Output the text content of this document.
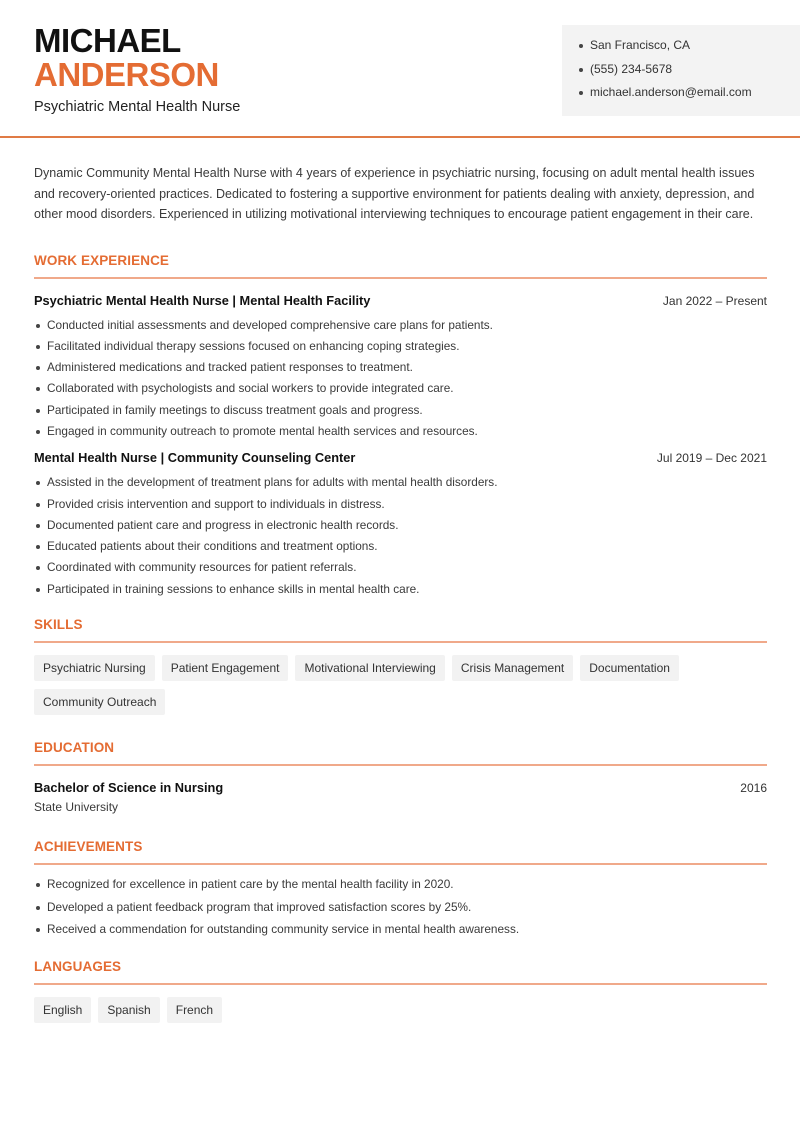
MICHAEL
ANDERSON
Psychiatric Mental Health Nurse
San Francisco, CA
(555) 234-5678
michael.anderson@email.com

Dynamic Community Mental Health Nurse with 4 years of experience in psychiatric nursing, focusing on adult mental health issues and recovery-oriented practices. Dedicated to fostering a supportive environment for patients dealing with anxiety, depression, and other mood disorders. Experienced in utilizing motivational interviewing techniques to encourage patient engagement in their care.

WORK EXPERIENCE
Psychiatric Mental Health Nurse | Mental Health Facility	Jan 2022 – Present
Conducted initial assessments and developed comprehensive care plans for patients.
Facilitated individual therapy sessions focused on enhancing coping strategies.
Administered medications and tracked patient responses to treatment.
Collaborated with psychologists and social workers to provide integrated care.
Participated in family meetings to discuss treatment goals and progress.
Engaged in community outreach to promote mental health services and resources.
Mental Health Nurse | Community Counseling Center	Jul 2019 – Dec 2021
Assisted in the development of treatment plans for adults with mental health disorders.
Provided crisis intervention and support to individuals in distress.
Documented patient care and progress in electronic health records.
Educated patients about their conditions and treatment options.
Coordinated with community resources for patient referrals.
Participated in training sessions to enhance skills in mental health care.
SKILLS
Psychiatric Nursing	Patient Engagement	Motivational Interviewing	Crisis Management	Documentation
Community Outreach
EDUCATION
Bachelor of Science in Nursing	2016
State University
ACHIEVEMENTS
Recognized for excellence in patient care by the mental health facility in 2020.
Developed a patient feedback program that improved satisfaction scores by 25%.
Received a commendation for outstanding community service in mental health awareness.
LANGUAGES
English	Spanish	French
